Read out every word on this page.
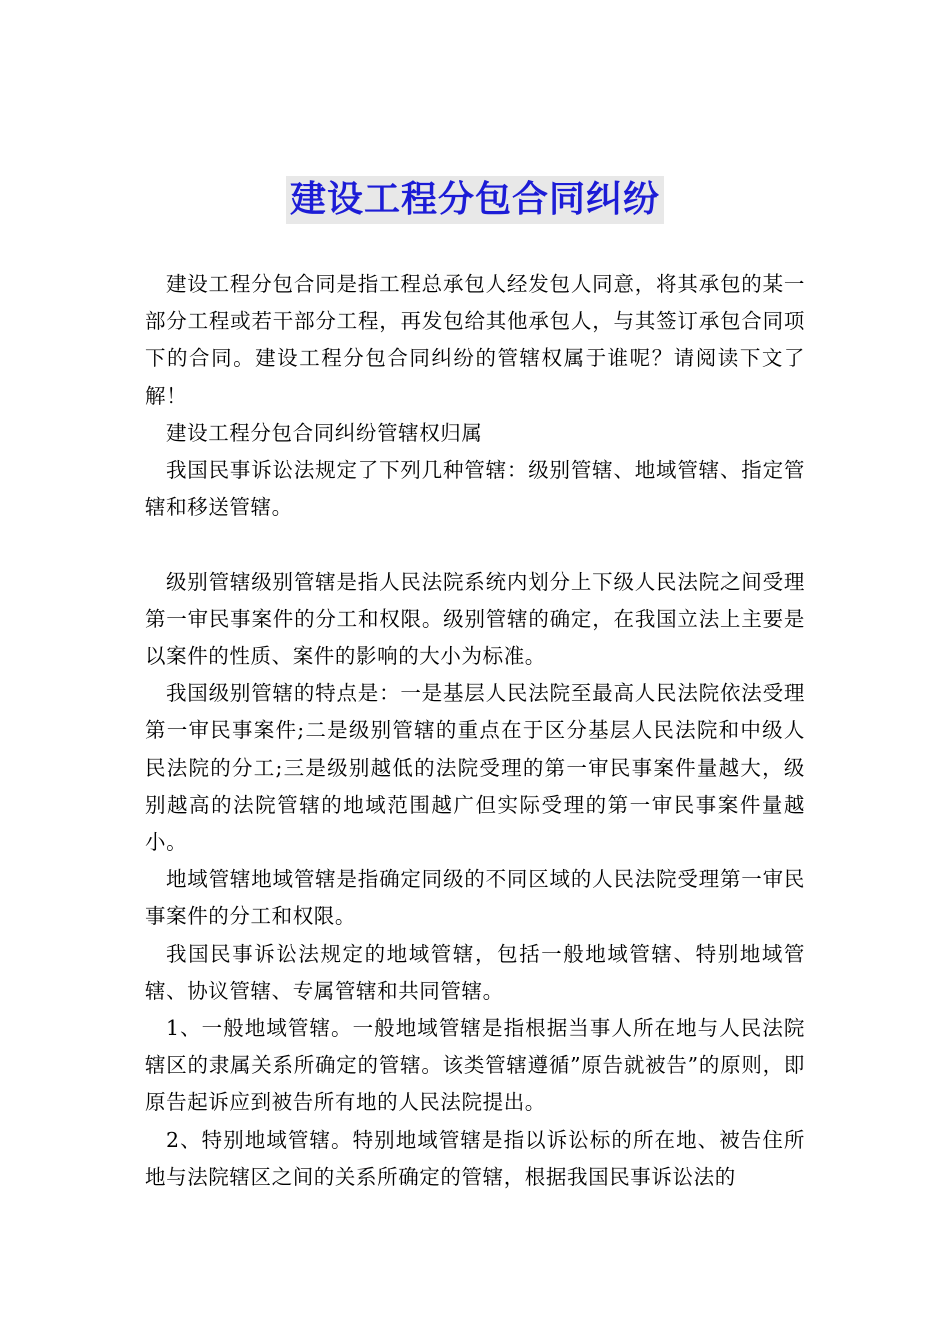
建设工程分包合同纠纷

建设工程分包合同是指工程总承包人经发包人同意，将其承包的某一部分工程或若干部分工程，再发包给其他承包人，与其签订承包合同项下的合同。建设工程分包合同纠纷的管辖权属于谁呢？请阅读下文了解！

建设工程分包合同纠纷管辖权归属

我国民事诉讼法规定了下列几种管辖：级别管辖、地域管辖、指定管辖和移送管辖。

级别管辖级别管辖是指人民法院系统内划分上下级人民法院之间受理第一审民事案件的分工和权限。级别管辖的确定，在我国立法上主要是以案件的性质、案件的影响的大小为标准。

我国级别管辖的特点是：一是基层人民法院至最高人民法院依法受理第一审民事案件;二是级别管辖的重点在于区分基层人民法院和中级人民法院的分工;三是级别越低的法院受理的第一审民事案件量越大，级别越高的法院管辖的地域范围越广但实际受理的第一审民事案件量越小。

地域管辖地域管辖是指确定同级的不同区域的人民法院受理第一审民事案件的分工和权限。

我国民事诉讼法规定的地域管辖，包括一般地域管辖、特别地域管辖、协议管辖、专属管辖和共同管辖。

1、一般地域管辖。一般地域管辖是指根据当事人所在地与人民法院辖区的隶属关系所确定的管辖。该类管辖遵循”原告就被告”的原则，即原告起诉应到被告所有地的人民法院提出。

2、特别地域管辖。特别地域管辖是指以诉讼标的所在地、被告住所地与法院辖区之间的关系所确定的管辖，根据我国民事诉讼法的
